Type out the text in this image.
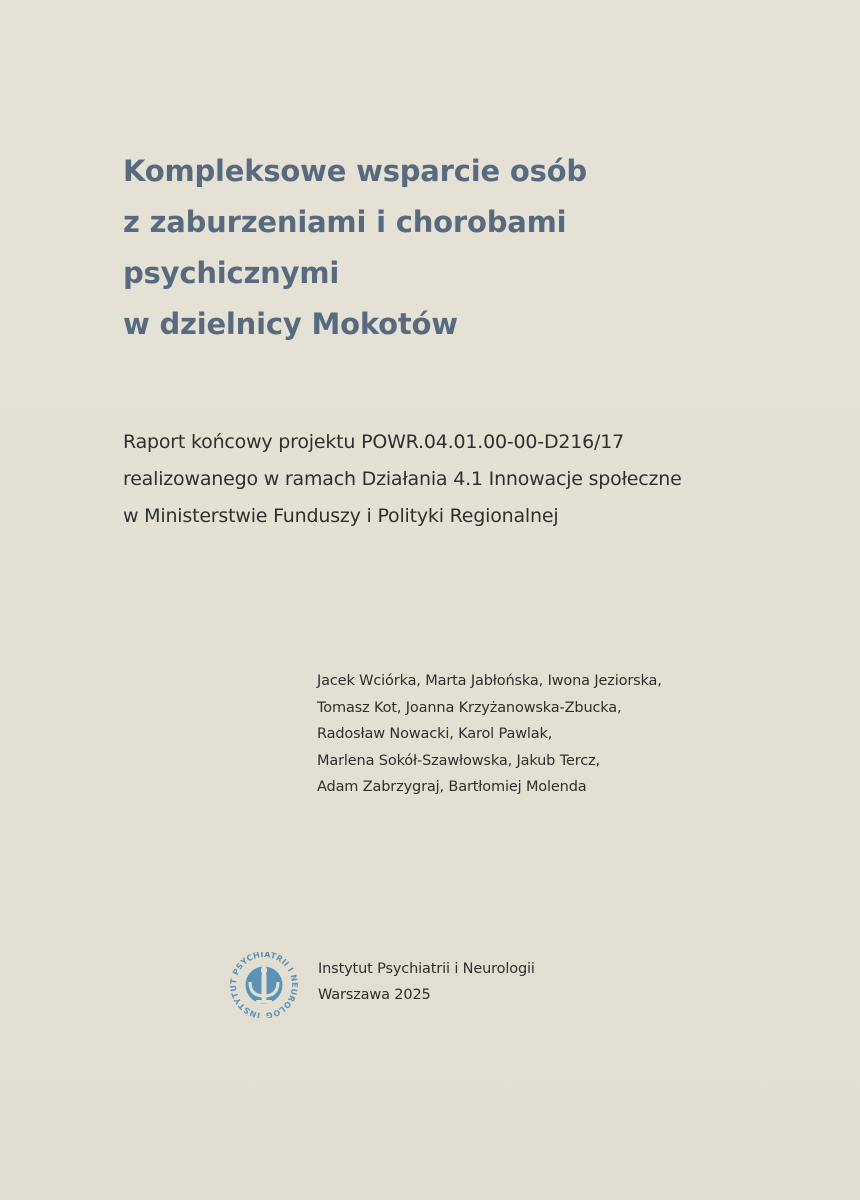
Kompleksowe wsparcie osób
z zaburzeniami i chorobami
psychicznymi
w dzielnicy Mokotów

Raport końcowy projektu POWR.04.01.00-00-D216/17
realizowanego w ramach Działania 4.1 Innowacje społeczne
w Ministerstwie Funduszy i Polityki Regionalnej

Jacek Wciórka, Marta Jabłońska, Iwona Jeziorska,
Tomasz Kot, Joanna Krzyżanowska-Zbucka,
Radosław Nowacki, Karol Pawlak,
Marlena Sokół-Szawłowska, Jakub Tercz,
Adam Zabrzygraj, Bartłomiej Molenda

INSTYTUT PSYCHIATRII I NEUROLOG

Instytut Psychiatrii i Neurologii
Warszawa 2025
